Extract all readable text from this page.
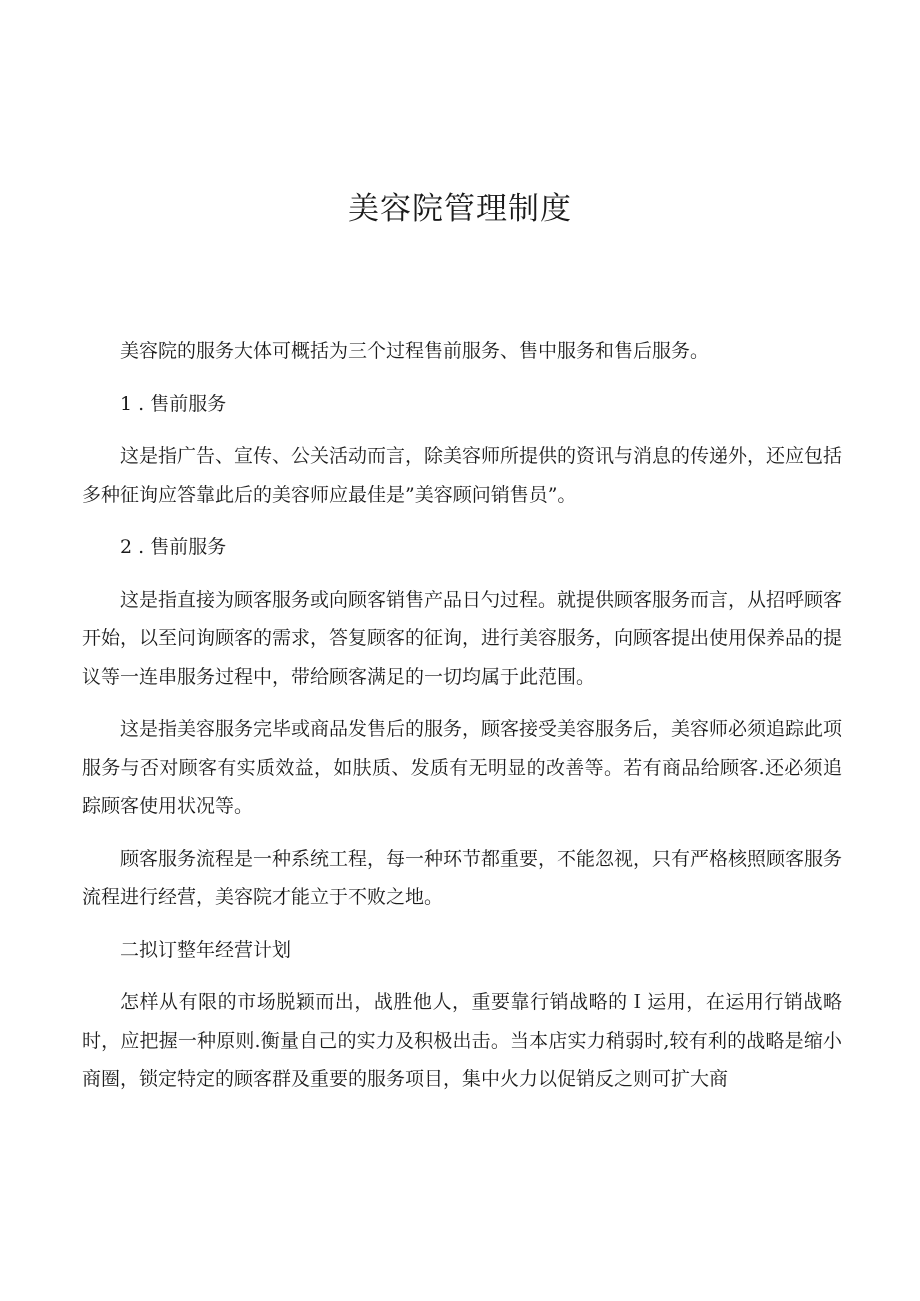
美容院管理制度

美容院的服务大体可概括为三个过程售前服务、售中服务和售后服务。

1 . 售前服务

这是指广告、宣传、公关活动而言，除美容师所提供的资讯与消息的传递外，还应包括多种征询应答靠此后的美容师应最佳是”美容顾问销售员”。

2 . 售前服务

这是指直接为顾客服务或向顾客销售产品日勺过程。就提供顾客服务而言，从招呼顾客开始，以至问询顾客的需求，答复顾客的征询，进行美容服务，向顾客提出使用保养品的提议等一连串服务过程中，带给顾客满足的一切均属于此范围。

这是指美容服务完毕或商品发售后的服务，顾客接受美容服务后，美容师必须追踪此项服务与否对顾客有实质效益，如肤质、发质有无明显的改善等。若有商品给顾客.还必须追踪顾客使用状况等。

顾客服务流程是一种系统工程，每一种环节都重要，不能忽视，只有严格核照顾客服务流程进行经营，美容院才能立于不败之地。

二拟订整年经营计划

怎样从有限的市场脱颖而出，战胜他人，重要靠行销战略的Ｉ运用，在运用行销战略时，应把握一种原则.衡量自己的实力及积极出击。当本店实力稍弱时,较有利的战略是缩小商圈，锁定特定的顾客群及重要的服务项目，集中火力以促销反之则可扩大商
